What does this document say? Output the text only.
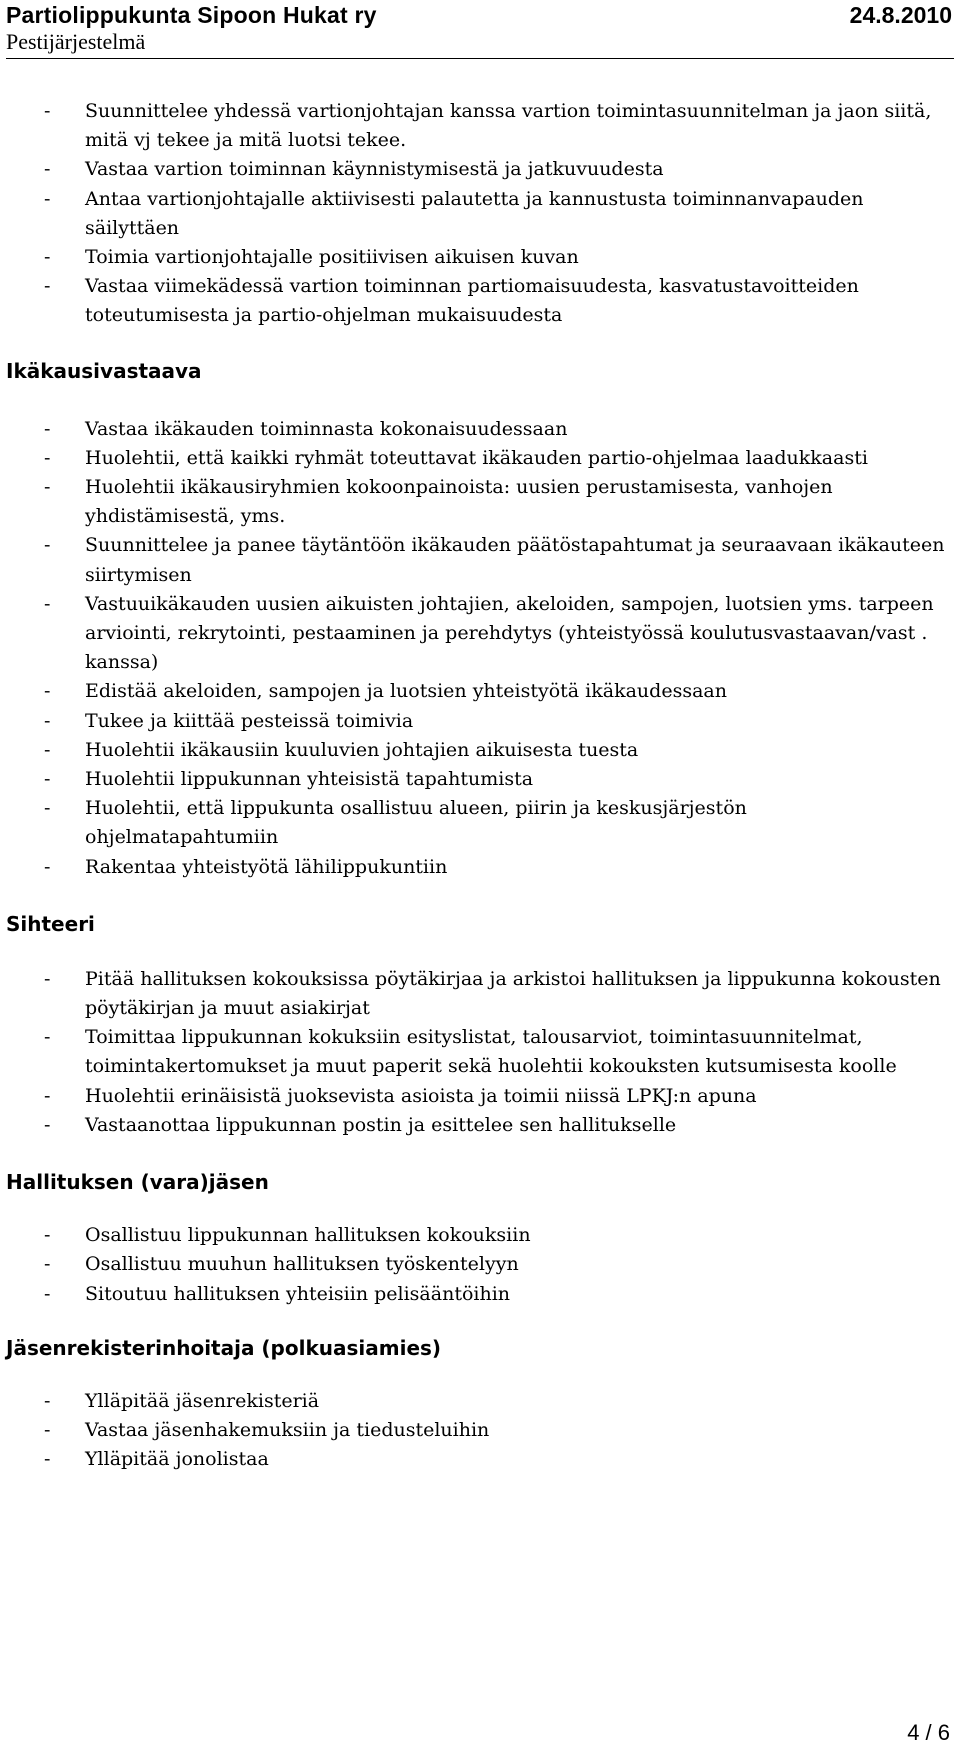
Partiolippukunta Sipoon Hukat ry	24.8.2010
Pestijärjestelmä
- Suunnittelee yhdessä vartionjohtajan kanssa vartion toimintasuunnitelman ja jaon siitä, mitä vj tekee ja mitä luotsi tekee.
- Vastaa vartion toiminnan käynnistymisestä ja jatkuvuudesta
- Antaa vartionjohtajalle aktiivisesti palautetta ja kannustusta toiminnanvapauden säilyttäen
- Toimia vartionjohtajalle positiivisen aikuisen kuvan
- Vastaa viimekädessä vartion toiminnan partiomaisuudesta, kasvatustavoitteiden toteutumisesta ja partio-ohjelman mukaisuudesta
Ikäkausivastaava
- Vastaa ikäkauden toiminnasta kokonaisuudessaan
- Huolehtii, että kaikki ryhmät toteuttavat ikäkauden partio-ohjelmaa laadukkaasti
- Huolehtii ikäkausiryhmien kokoonpainoista: uusien perustamisesta, vanhojen yhdistämisestä, yms.
- Suunnittelee ja panee täytäntöön ikäkauden päätöstapahtumat ja seuraavaan ikäkauteen siirtymisen
- Vastuuikäkauden uusien aikuisten johtajien, akeloiden, sampojen, luotsien yms. tarpeen arviointi, rekrytointi, pestaaminen ja perehdytys (yhteistyössä koulutusvastaavan/vast . kanssa)
- Edistää akeloiden, sampojen ja luotsien yhteistyötä ikäkaudessaan
- Tukee ja kiittää pesteissä toimivia
- Huolehtii ikäkausiin kuuluvien johtajien aikuisesta tuesta
- Huolehtii lippukunnan yhteisistä tapahtumista
- Huolehtii, että lippukunta osallistuu alueen, piirin ja keskusjärjestön ohjelmatapahtumiin
- Rakentaa yhteistyötä lähilippukuntiin
Sihteeri
- Pitää hallituksen kokouksissa pöytäkirjaa ja arkistoi hallituksen ja lippukunna kokousten pöytäkirjan ja muut asiakirjat
- Toimittaa lippukunnan kokuksiin esityslistat, talousarviot, toimintasuunnitelmat, toimintakertomukset ja muut paperit sekä huolehtii kokouksten kutsumisesta koolle
- Huolehtii erinäisistä juoksevista asioista ja toimii niissä LPKJ:n apuna
- Vastaanottaa lippukunnan postin ja esittelee sen hallitukselle
Hallituksen (vara)jäsen
- Osallistuu lippukunnan hallituksen kokouksiin
- Osallistuu muuhun hallituksen työskentelyyn
- Sitoutuu hallituksen yhteisiin pelisääntöihin
Jäsenrekisterinhoitaja (polkuasiamies)
- Ylläpitää jäsenrekisteriä
- Vastaa jäsenhakemuksiin ja tiedusteluihin
- Ylläpitää jonolistaa
4 / 6
